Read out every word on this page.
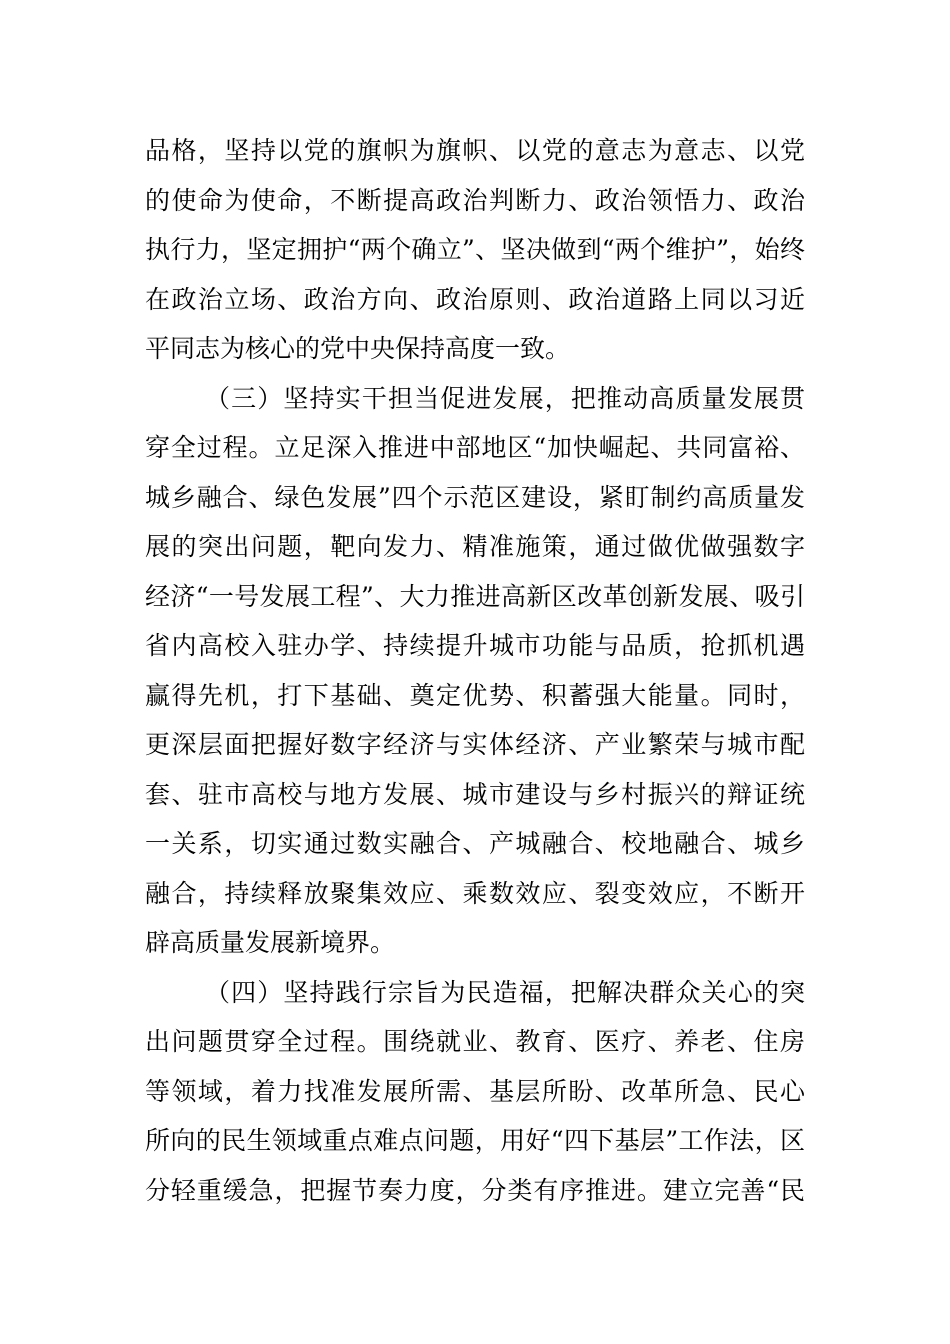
品格，坚持以党的旗帜为旗帜、以党的意志为意志、以党
的使命为使命，不断提高政治判断力、政治领悟力、政治
执行力，坚定拥护“两个确立”、坚决做到“两个维护”，始终
在政治立场、政治方向、政治原则、政治道路上同以习近
平同志为核心的党中央保持高度一致。
（三）坚持实干担当促进发展，把推动高质量发展贯
穿全过程。立足深入推进中部地区“加快崛起、共同富裕、
城乡融合、绿色发展”四个示范区建设，紧盯制约高质量发
展的突出问题，靶向发力、精准施策，通过做优做强数字
经济“一号发展工程”、大力推进高新区改革创新发展、吸引
省内高校入驻办学、持续提升城市功能与品质，抢抓机遇
赢得先机，打下基础、奠定优势、积蓄强大能量。同时，
更深层面把握好数字经济与实体经济、产业繁荣与城市配
套、驻市高校与地方发展、城市建设与乡村振兴的辩证统
一关系，切实通过数实融合、产城融合、校地融合、城乡
融合，持续释放聚集效应、乘数效应、裂变效应，不断开
辟高质量发展新境界。
（四）坚持践行宗旨为民造福，把解决群众关心的突
出问题贯穿全过程。围绕就业、教育、医疗、养老、住房
等领域，着力找准发展所需、基层所盼、改革所急、民心
所向的民生领域重点难点问题，用好“四下基层”工作法，区
分轻重缓急，把握节奏力度，分类有序推进。建立完善“民
